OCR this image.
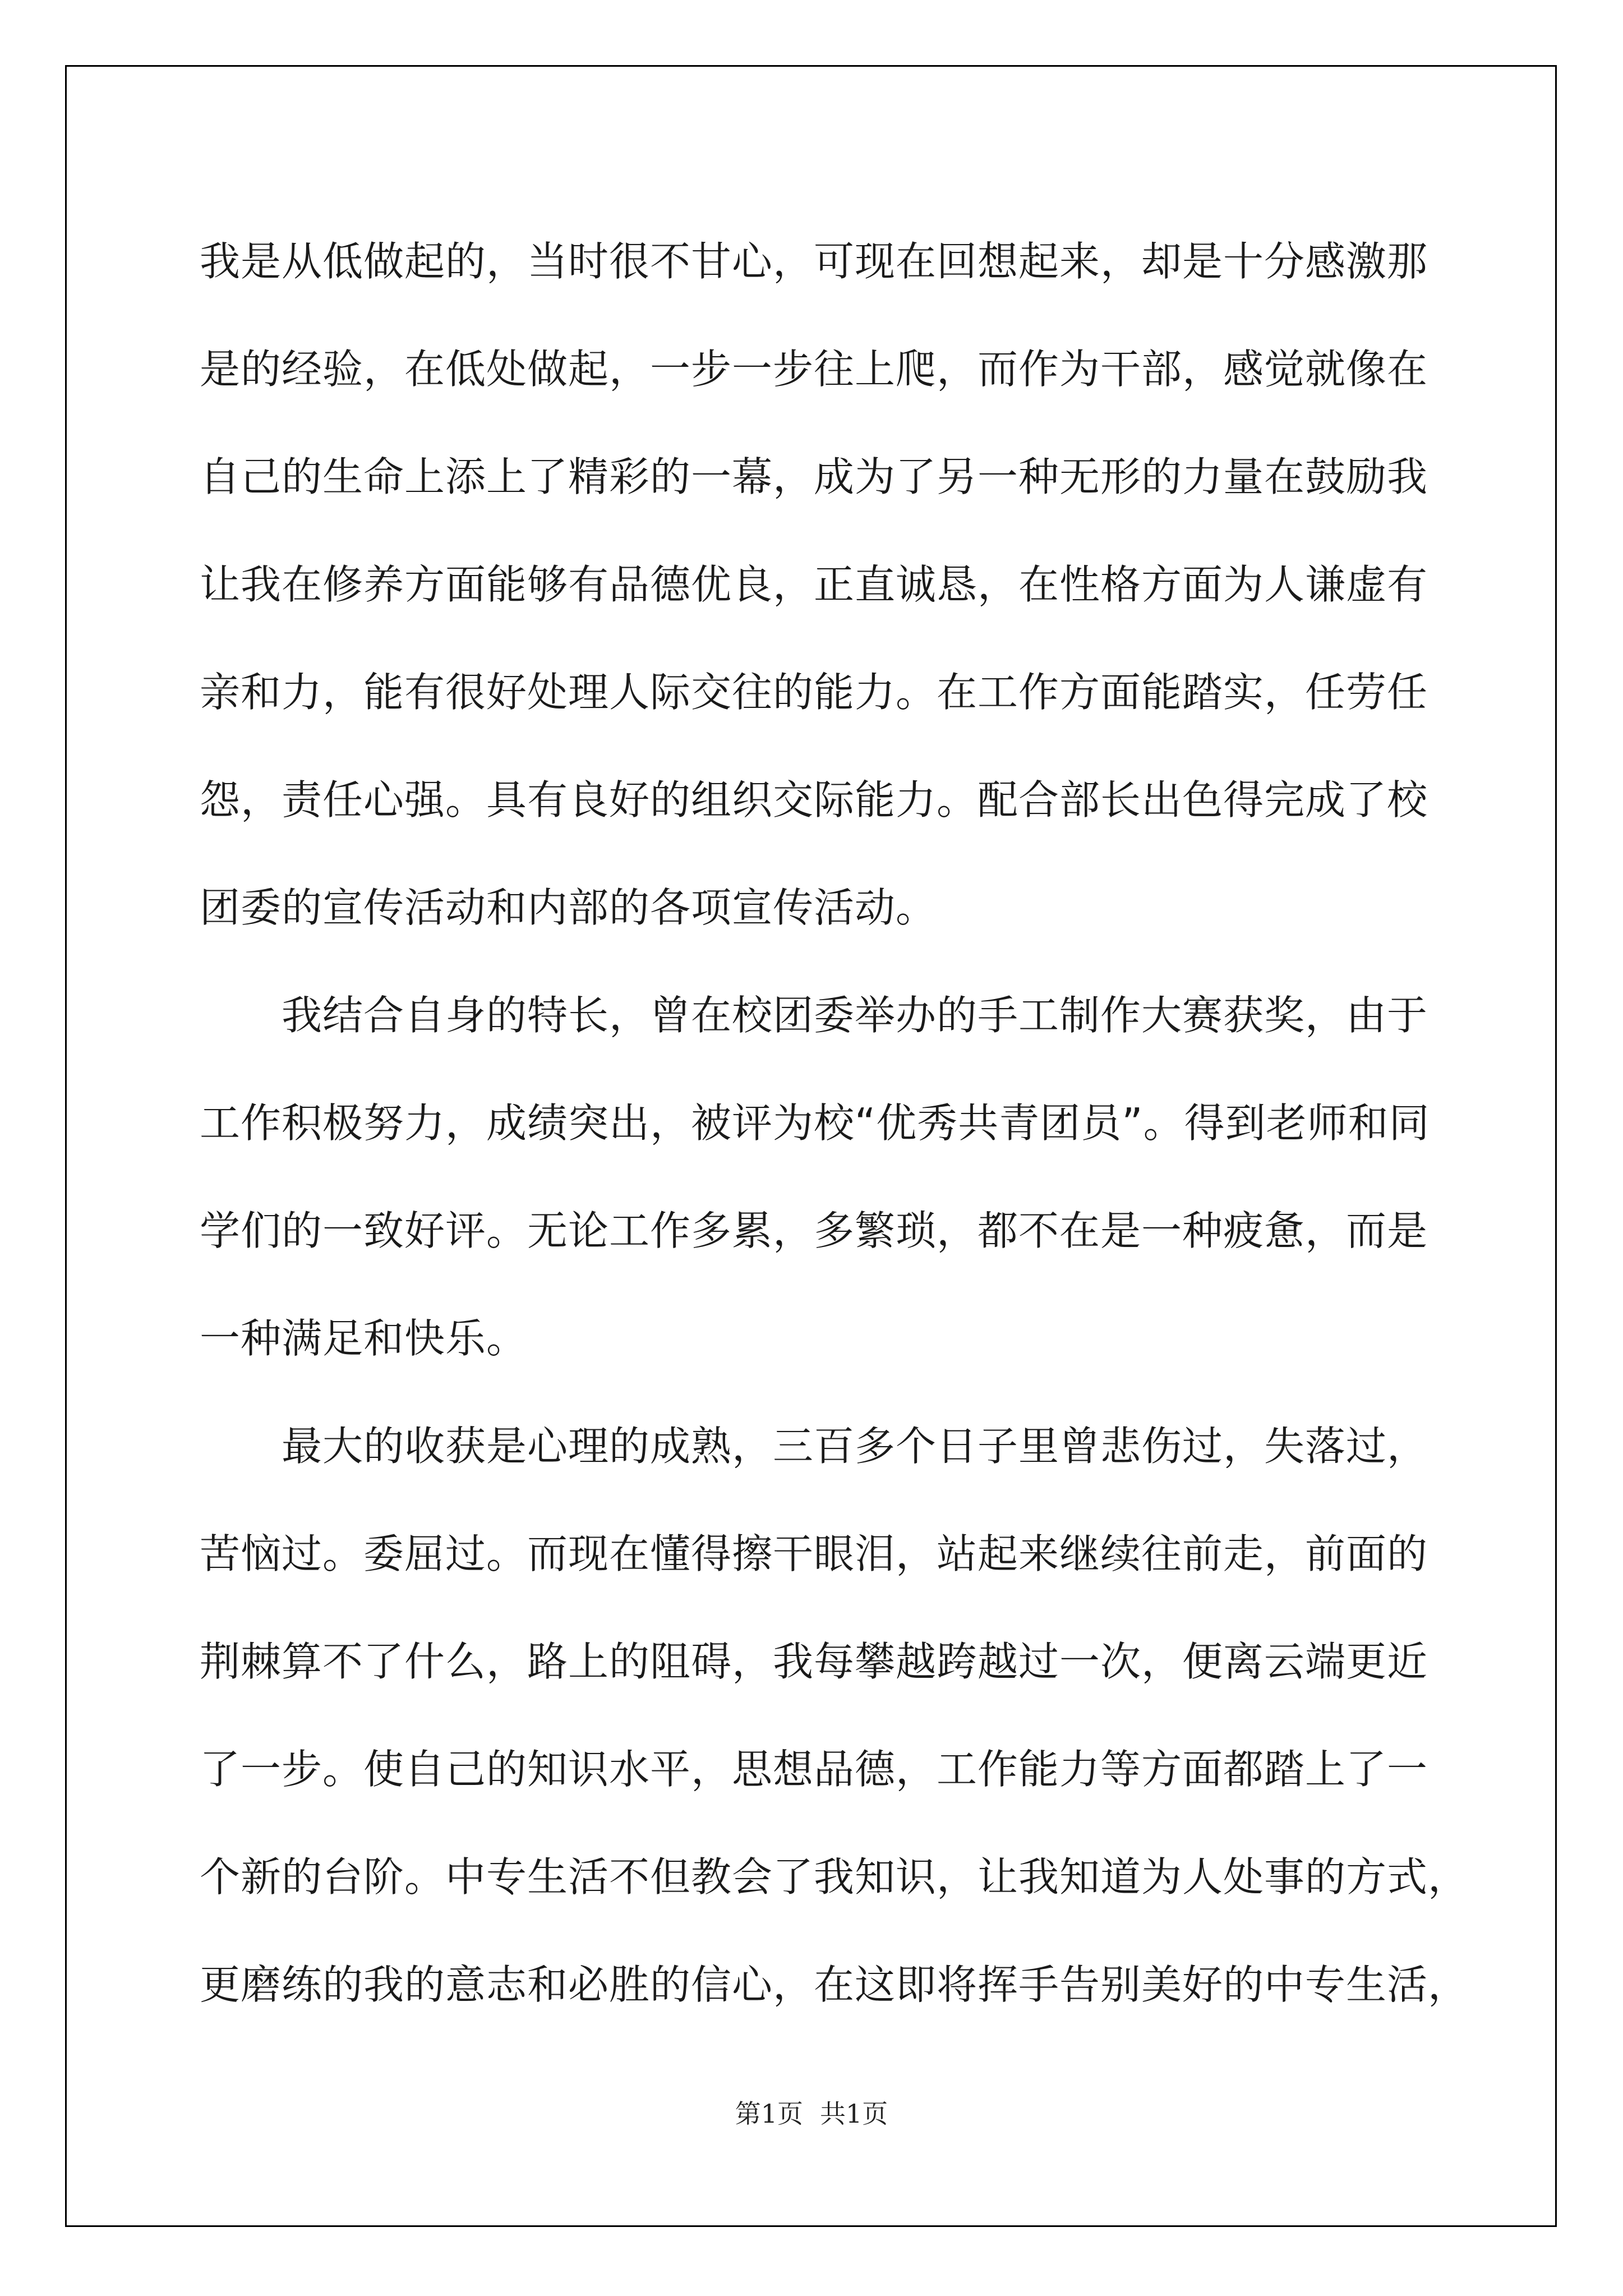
我是从低做起的，当时很不甘心，可现在回想起来，却是十分感激那
是的经验，在低处做起，一步一步往上爬，而作为干部，感觉就像在
自己的生命上添上了精彩的一幕，成为了另一种无形的力量在鼓励我
让我在修养方面能够有品德优良，正直诚恳，在性格方面为人谦虚有
亲和力，能有很好处理人际交往的能力。在工作方面能踏实，任劳任
怨，责任心强。具有良好的组织交际能力。配合部长出色得完成了校
团委的宣传活动和内部的各项宣传活动。
　　我结合自身的特长，曾在校团委举办的手工制作大赛获奖，由于
工作积极努力，成绩突出，被评为校“优秀共青团员”。得到老师和同
学们的一致好评。无论工作多累，多繁琐，都不在是一种疲惫，而是
一种满足和快乐。
　　最大的收获是心理的成熟，三百多个日子里曾悲伤过，失落过，
苦恼过。委屈过。而现在懂得擦干眼泪，站起来继续往前走，前面的
荆棘算不了什么，路上的阻碍，我每攀越跨越过一次，便离云端更近
了一步。使自己的知识水平，思想品德，工作能力等方面都踏上了一
个新的台阶。中专生活不但教会了我知识，让我知道为人处事的方式，
更磨练的我的意志和必胜的信心，在这即将挥手告别美好的中专生活，
第1页 共1页
